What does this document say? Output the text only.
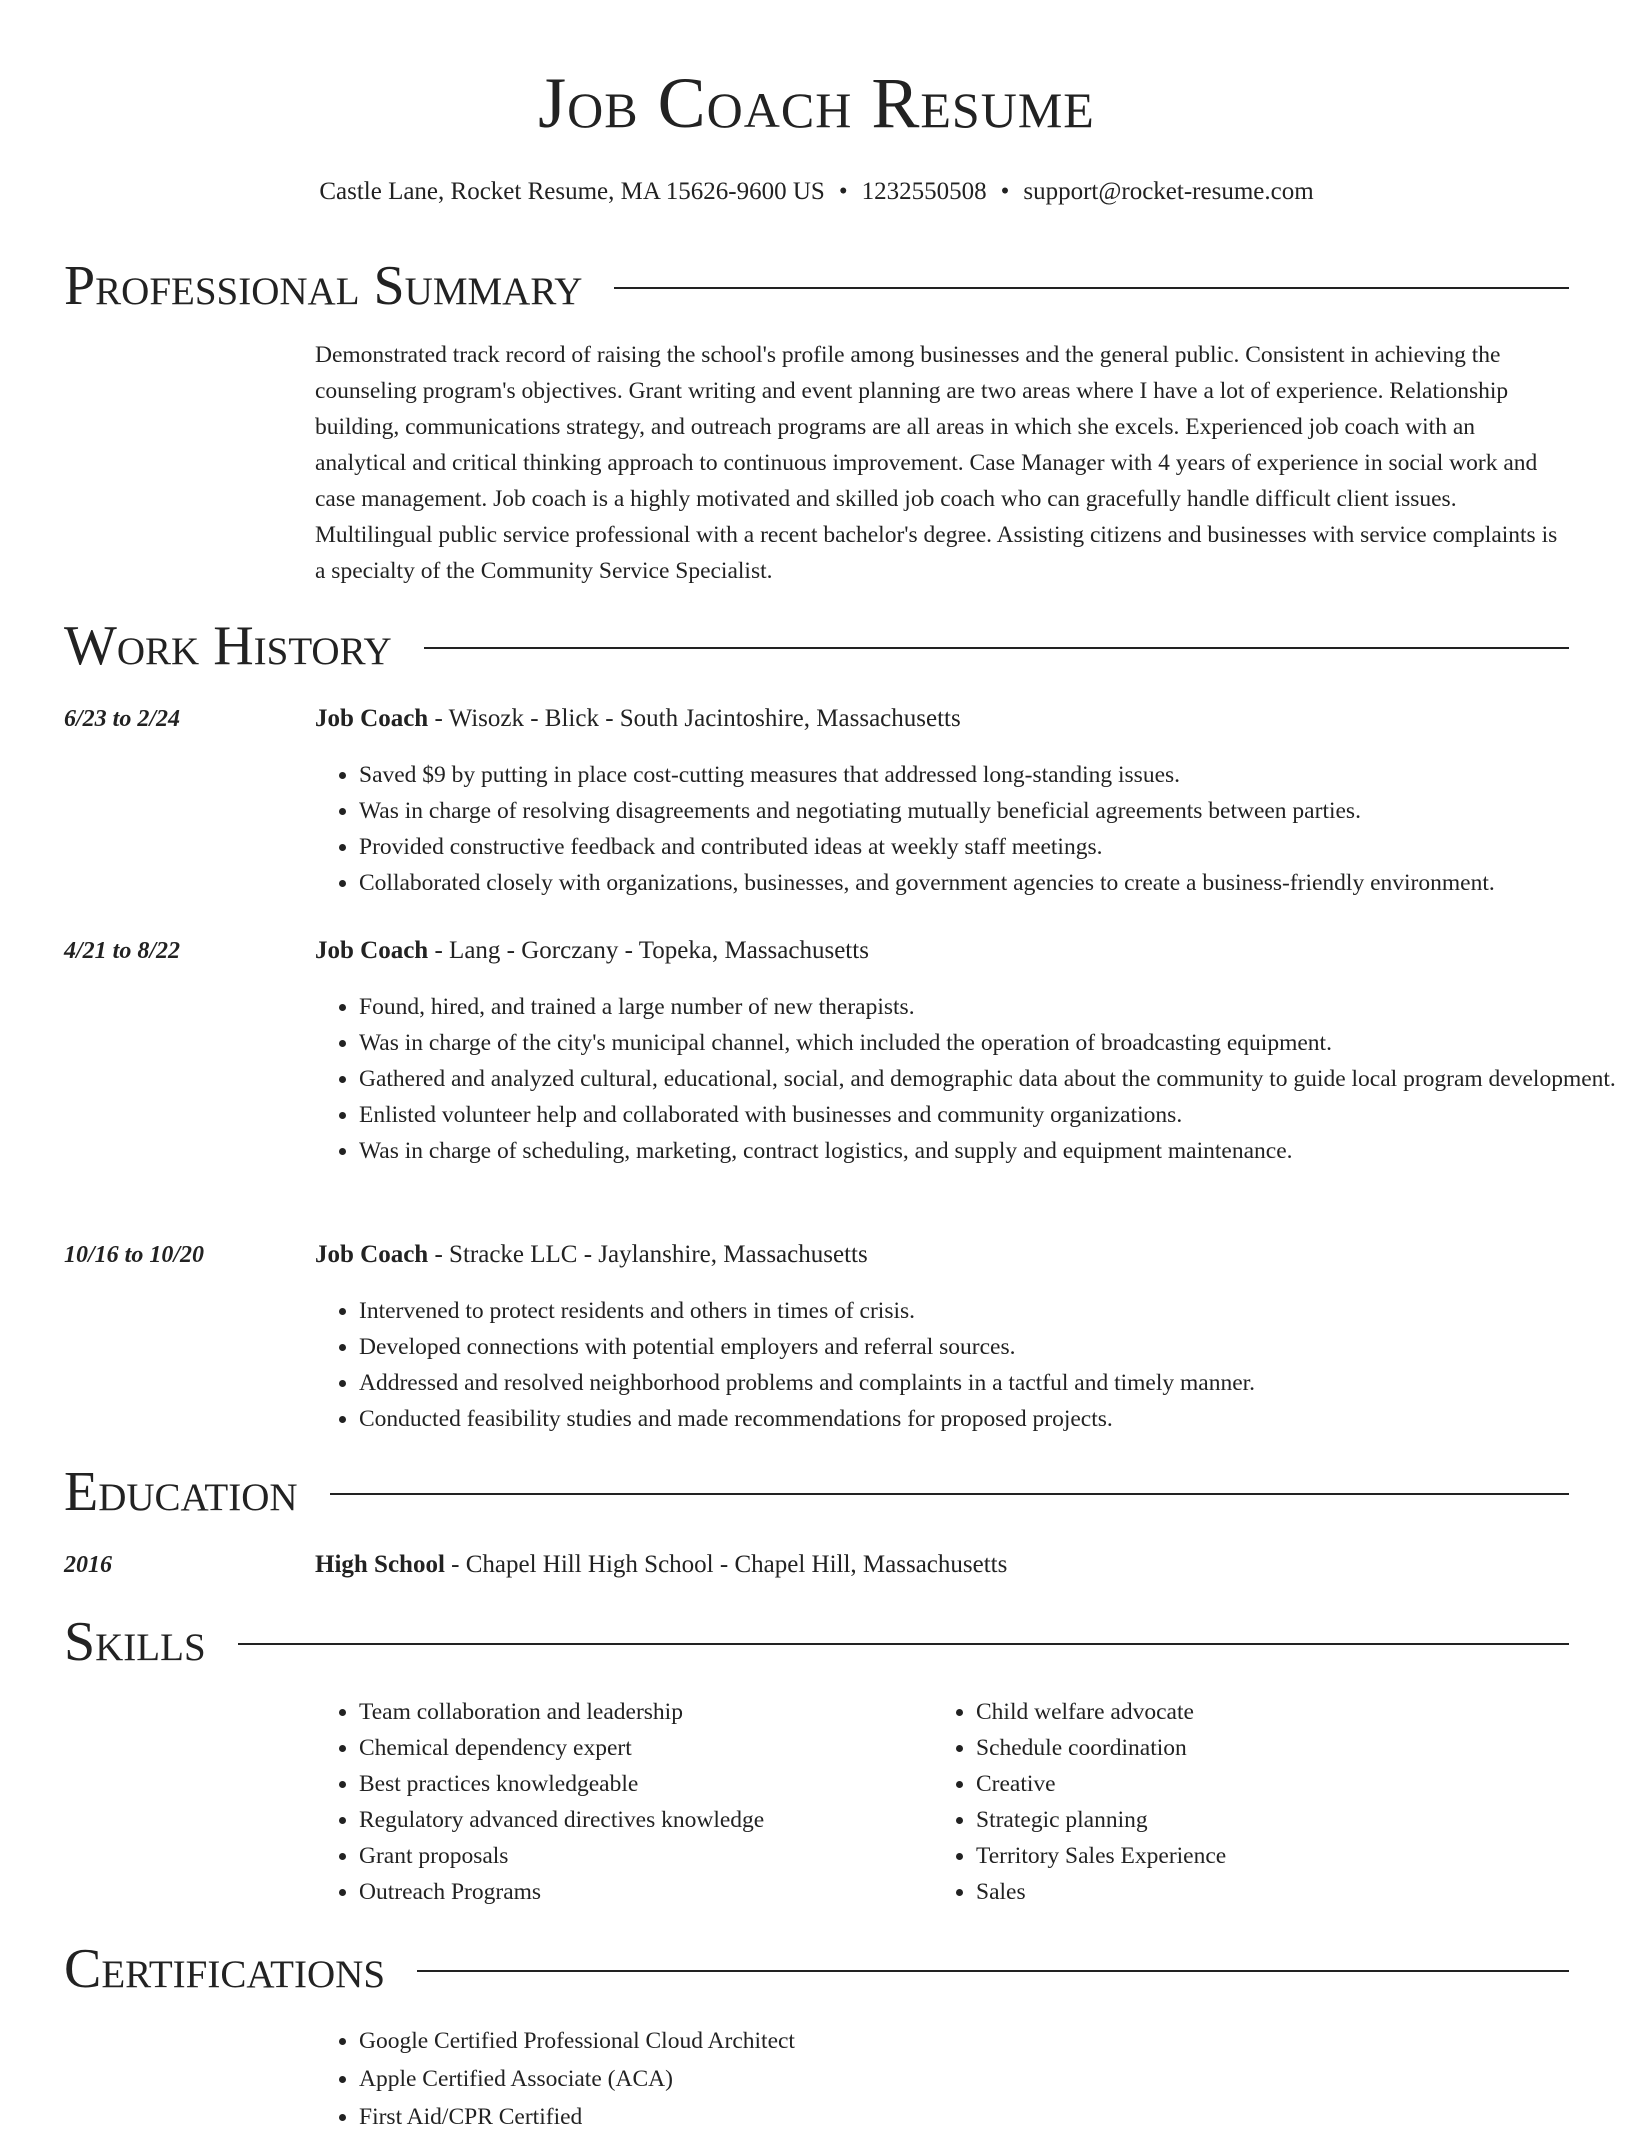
Job Coach Resume
Castle Lane, Rocket Resume, MA 15626-9600 US • 1232550508 • support@rocket-resume.com
Professional Summary

Demonstrated track record of raising the school's profile among businesses and the general public. Consistent in achieving the counseling program's objectives. Grant writing and event planning are two areas where I have a lot of experience. Relationship building, communications strategy, and outreach programs are all areas in which she excels. Experienced job coach with an analytical and critical thinking approach to continuous improvement. Case Manager with 4 years of experience in social work and case management. Job coach is a highly motivated and skilled job coach who can gracefully handle difficult client issues. Multilingual public service professional with a recent bachelor's degree. Assisting citizens and businesses with service complaints is a specialty of the Community Service Specialist.

Work History
6/23 to 2/24	Job Coach - Wisozk - Blick - South Jacintoshire, Massachusetts
• Saved $9 by putting in place cost-cutting measures that addressed long-standing issues.
• Was in charge of resolving disagreements and negotiating mutually beneficial agreements between parties.
• Provided constructive feedback and contributed ideas at weekly staff meetings.
• Collaborated closely with organizations, businesses, and government agencies to create a business-friendly environment.
4/21 to 8/22	Job Coach - Lang - Gorczany - Topeka, Massachusetts
• Found, hired, and trained a large number of new therapists.
• Was in charge of the city's municipal channel, which included the operation of broadcasting equipment.
• Gathered and analyzed cultural, educational, social, and demographic data about the community to guide local program development.
• Enlisted volunteer help and collaborated with businesses and community organizations.
• Was in charge of scheduling, marketing, contract logistics, and supply and equipment maintenance.
10/16 to 10/20	Job Coach - Stracke LLC - Jaylanshire, Massachusetts
• Intervened to protect residents and others in times of crisis.
• Developed connections with potential employers and referral sources.
• Addressed and resolved neighborhood problems and complaints in a tactful and timely manner.
• Conducted feasibility studies and made recommendations for proposed projects.
Education
2016	High School - Chapel Hill High School - Chapel Hill, Massachusetts
Skills
• Team collaboration and leadership
• Chemical dependency expert
• Best practices knowledgeable
• Regulatory advanced directives knowledge
• Grant proposals
• Outreach Programs
• Child welfare advocate
• Schedule coordination
• Creative
• Strategic planning
• Territory Sales Experience
• Sales
Certifications
• Google Certified Professional Cloud Architect
• Apple Certified Associate (ACA)
• First Aid/CPR Certified
